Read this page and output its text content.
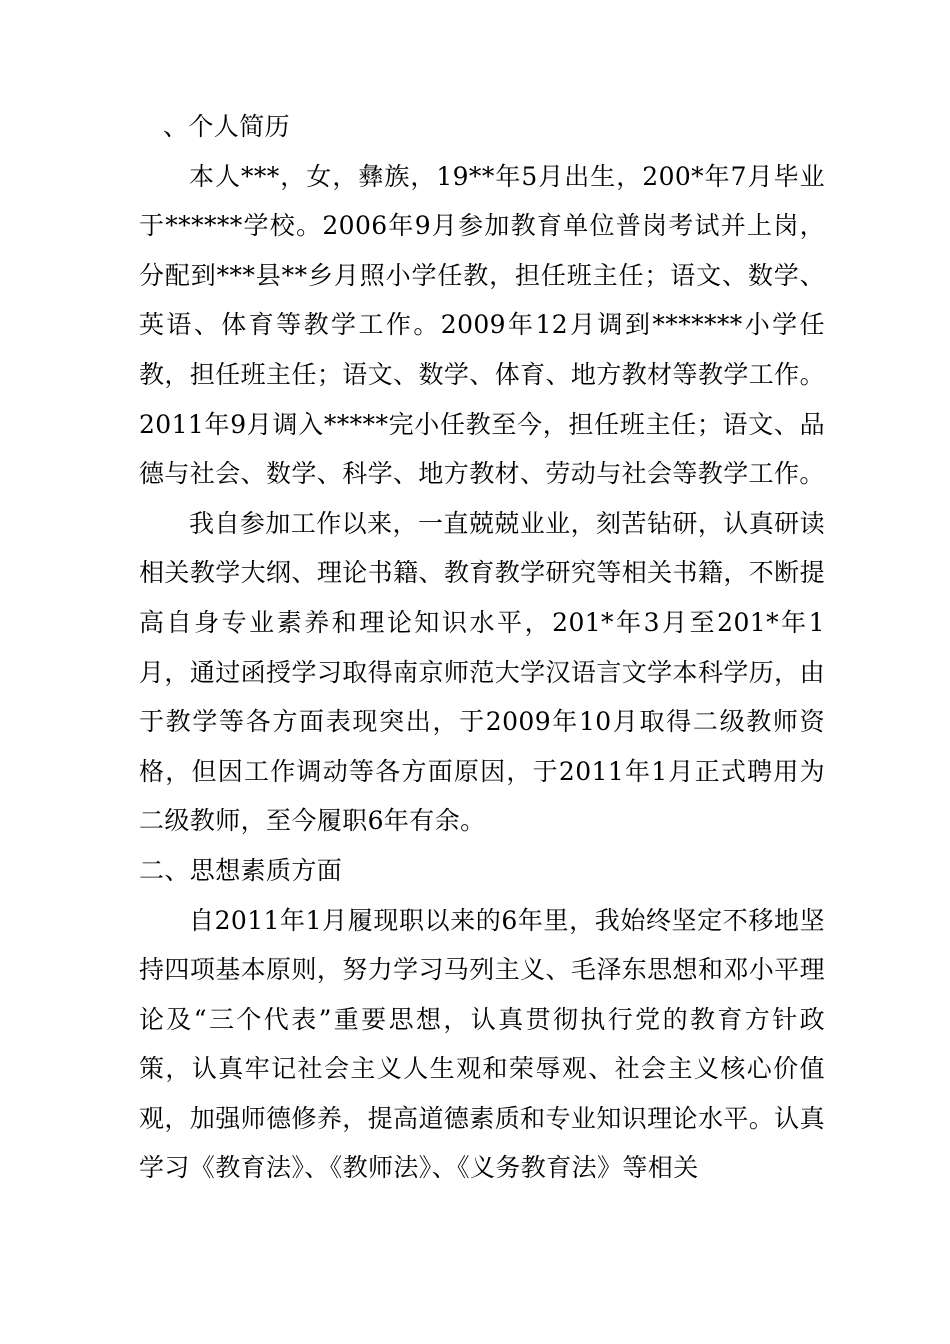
、个人简历

本人***，女，彝族，19**年5月出生，200*年7月毕业于******学校。2006年9月参加教育单位普岗考试并上岗，分配到***县**乡月照小学任教，担任班主任；语文、数学、英语、体育等教学工作。2009年12月调到*******小学任教，担任班主任；语文、数学、体育、地方教材等教学工作。2011年9月调入*****完小任教至今，担任班主任；语文、品德与社会、数学、科学、地方教材、劳动与社会等教学工作。

我自参加工作以来，一直兢兢业业，刻苦钻研，认真研读相关教学大纲、理论书籍、教育教学研究等相关书籍，不断提高自身专业素养和理论知识水平，201*年3月至201*年1月，通过函授学习取得南京师范大学汉语言文学本科学历，由于教学等各方面表现突出，于2009年10月取得二级教师资格，但因工作调动等各方面原因，于2011年1月正式聘用为二级教师，至今履职6年有余。

二、思想素质方面

自2011年1月履现职以来的6年里，我始终坚定不移地坚持四项基本原则，努力学习马列主义、毛泽东思想和邓小平理论及“三个代表”重要思想，认真贯彻执行党的教育方针政策，认真牢记社会主义人生观和荣辱观、社会主义核心价值观，加强师德修养，提高道德素质和专业知识理论水平。认真学习《教育法》、《教师法》、《义务教育法》等相关
